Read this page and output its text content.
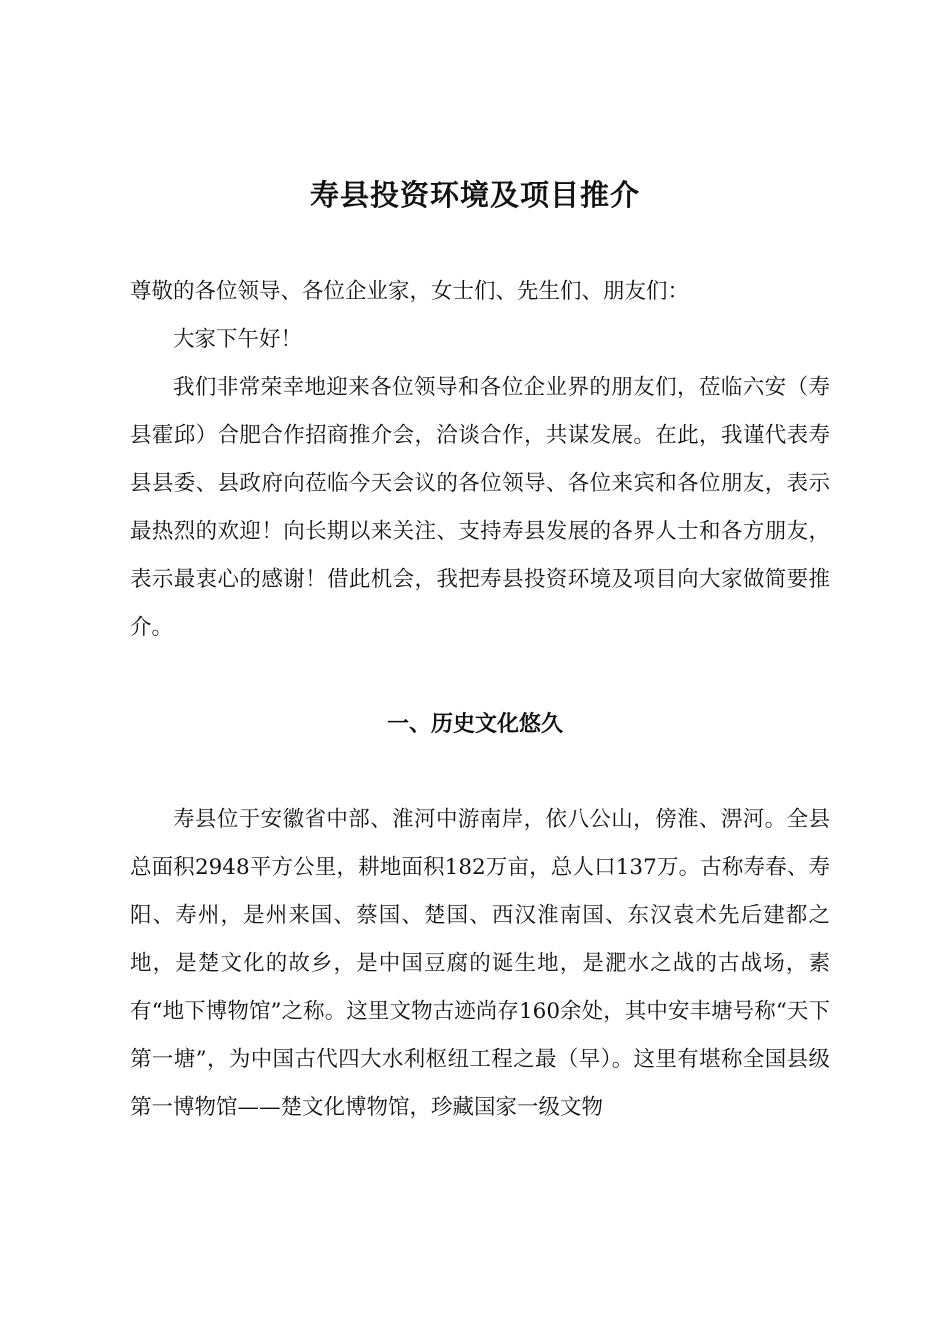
寿县投资环境及项目推介

尊敬的各位领导、各位企业家，女士们、先生们、朋友们：

大家下午好！

我们非常荣幸地迎来各位领导和各位企业界的朋友们，莅临六安（寿县霍邱）合肥合作招商推介会，洽谈合作，共谋发展。在此，我谨代表寿县县委、县政府向莅临今天会议的各位领导、各位来宾和各位朋友，表示最热烈的欢迎！向长期以来关注、支持寿县发展的各界人士和各方朋友，表示最衷心的感谢！借此机会，我把寿县投资环境及项目向大家做简要推介。

一、历史文化悠久

寿县位于安徽省中部、淮河中游南岸，依八公山，傍淮、淠河。全县总面积2948平方公里，耕地面积182万亩，总人口137万。古称寿春、寿阳、寿州，是州来国、蔡国、楚国、西汉淮南国、东汉袁术先后建都之地，是楚文化的故乡，是中国豆腐的诞生地，是淝水之战的古战场，素有“地下博物馆”之称。这里文物古迹尚存160余处，其中安丰塘号称“天下第一塘”，为中国古代四大水利枢纽工程之最（早）。这里有堪称全国县级第一博物馆——楚文化博物馆，珍藏国家一级文物
